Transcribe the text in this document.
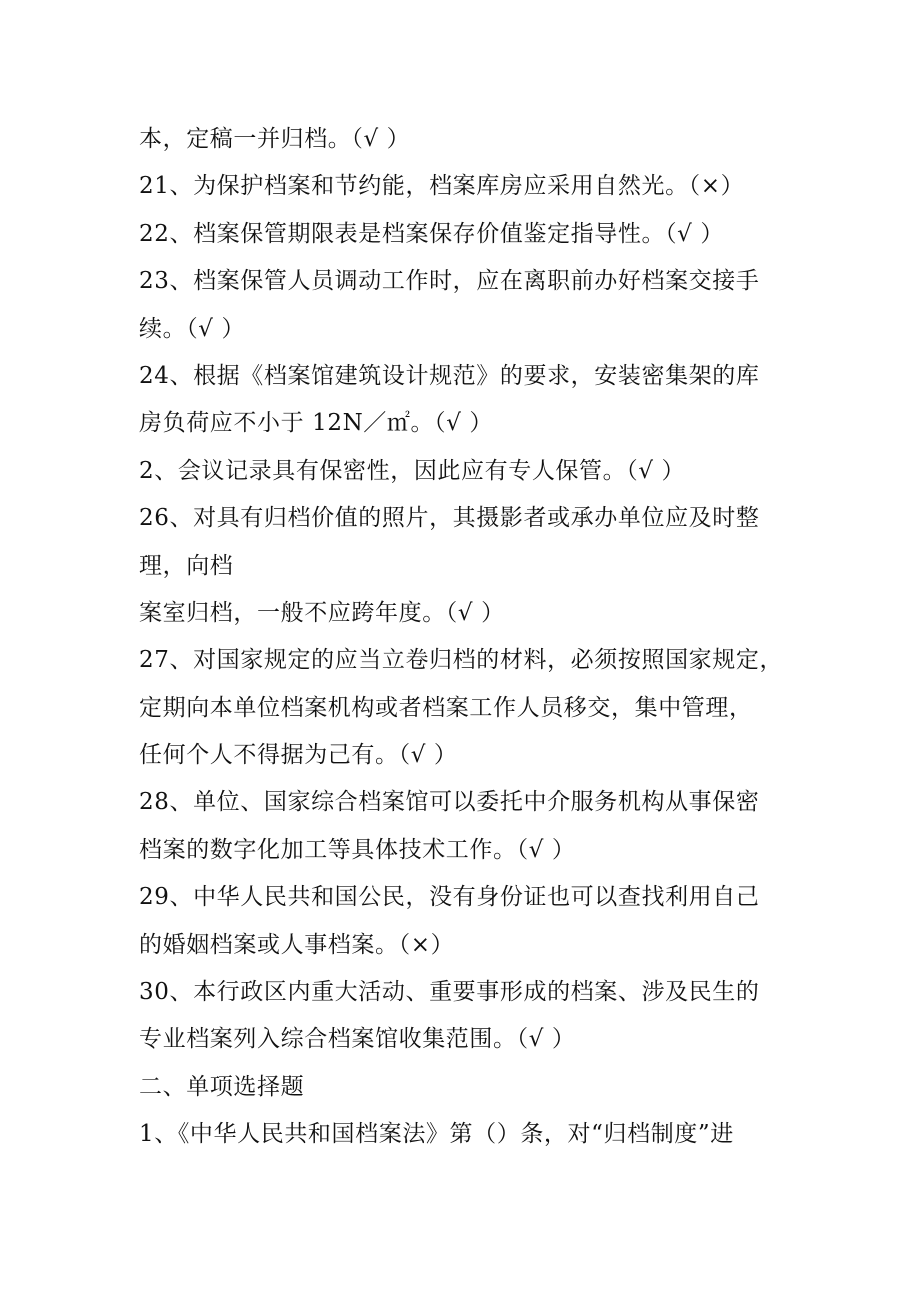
本，定稿一并归档。（√ ）
21、为保护档案和节约能，档案库房应采用自然光。（×）
22、档案保管期限表是档案保存价值鉴定指导性。（√ ）
23、档案保管人员调动工作时，应在离职前办好档案交接手
续。（√ ）
24、根据《档案馆建筑设计规范》的要求，安装密集架的库
房负荷应不小于 12N／㎡。（√ ）
2、会议记录具有保密性，因此应有专人保管。（√ ）
26、对具有归档价值的照片，其摄影者或承办单位应及时整
理，向档
案室归档，一般不应跨年度。（√ ）
27、对国家规定的应当立卷归档的材料，必须按照国家规定，
定期向本单位档案机构或者档案工作人员移交，集中管理，
任何个人不得据为己有。（√ ）
28、单位、国家综合档案馆可以委托中介服务机构从事保密
档案的数字化加工等具体技术工作。（√ ）
29、中华人民共和国公民，没有身份证也可以查找利用自己
的婚姻档案或人事档案。（×）
30、本行政区内重大活动、重要事形成的档案、涉及民生的
专业档案列入综合档案馆收集范围。（√ ）
二、单项选择题
1、《中华人民共和国档案法》第（）条，对“归档制度”进
